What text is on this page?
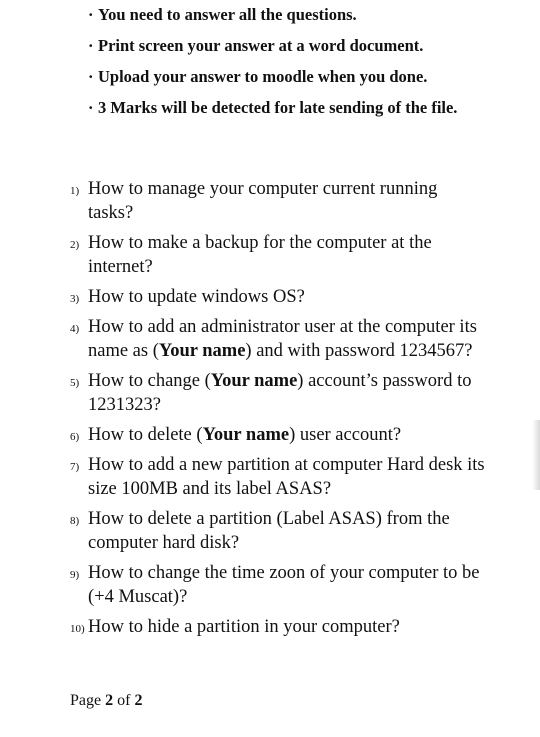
· You need to answer all the questions.
· Print screen your answer at a word document.
· Upload your answer to moodle when you done.
· 3 Marks will be detected for late sending of the file.
1) How to manage your computer current running tasks?
2) How to make a backup for the computer at the internet?
3) How to update windows OS?
4) How to add an administrator user at the computer its name as (Your name) and with password 1234567?
5) How to change (Your name) account’s password to 1231323?
6) How to delete (Your name) user account?
7) How to add a new partition at computer Hard desk its size 100MB and its label ASAS?
8) How to delete a partition (Label ASAS) from the computer hard disk?
9) How to change the time zoon of your computer to be (+4 Muscat)?
10) How to hide a partition in your computer?
Page 2 of 2
